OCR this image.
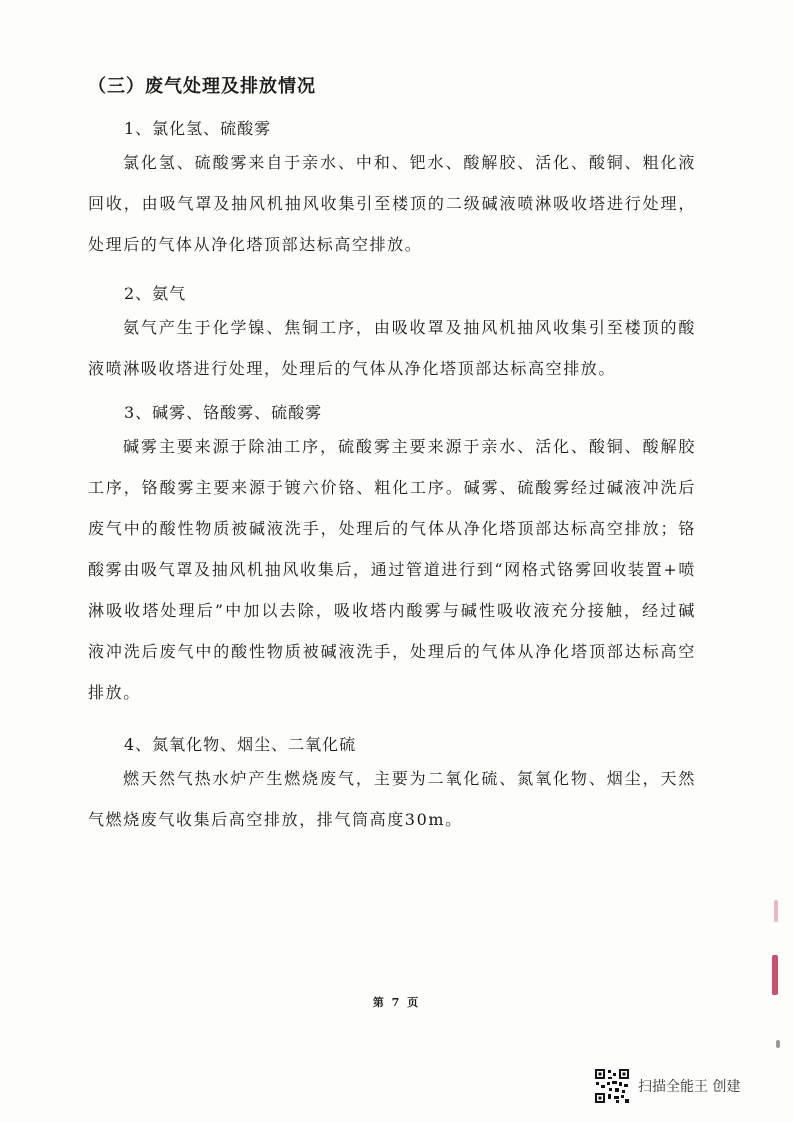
（三）废气处理及排放情况
1、氯化氢、硫酸雾

氯化氢、硫酸雾来自于亲水、中和、钯水、酸解胶、活化、酸铜、粗化液回收，由吸气罩及抽风机抽风收集引至楼顶的二级碱液喷淋吸收塔进行处理，处理后的气体从净化塔顶部达标高空排放。

2、氨气

氨气产生于化学镍、焦铜工序，由吸收罩及抽风机抽风收集引至楼顶的酸液喷淋吸收塔进行处理，处理后的气体从净化塔顶部达标高空排放。

3、碱雾、铬酸雾、硫酸雾

碱雾主要来源于除油工序，硫酸雾主要来源于亲水、活化、酸铜、酸解胶工序，铬酸雾主要来源于镀六价铬、粗化工序。碱雾、硫酸雾经过碱液冲洗后废气中的酸性物质被碱液洗手，处理后的气体从净化塔顶部达标高空排放；铬酸雾由吸气罩及抽风机抽风收集后，通过管道进行到“网格式铬雾回收装置+喷淋吸收塔处理后”中加以去除，吸收塔内酸雾与碱性吸收液充分接触，经过碱液冲洗后废气中的酸性物质被碱液洗手，处理后的气体从净化塔顶部达标高空排放。

4、氮氧化物、烟尘、二氧化硫

燃天然气热水炉产生燃烧废气，主要为二氧化硫、氮氧化物、烟尘，天然气燃烧废气收集后高空排放，排气筒高度30m。

第 7 页
扫描全能王 创建
